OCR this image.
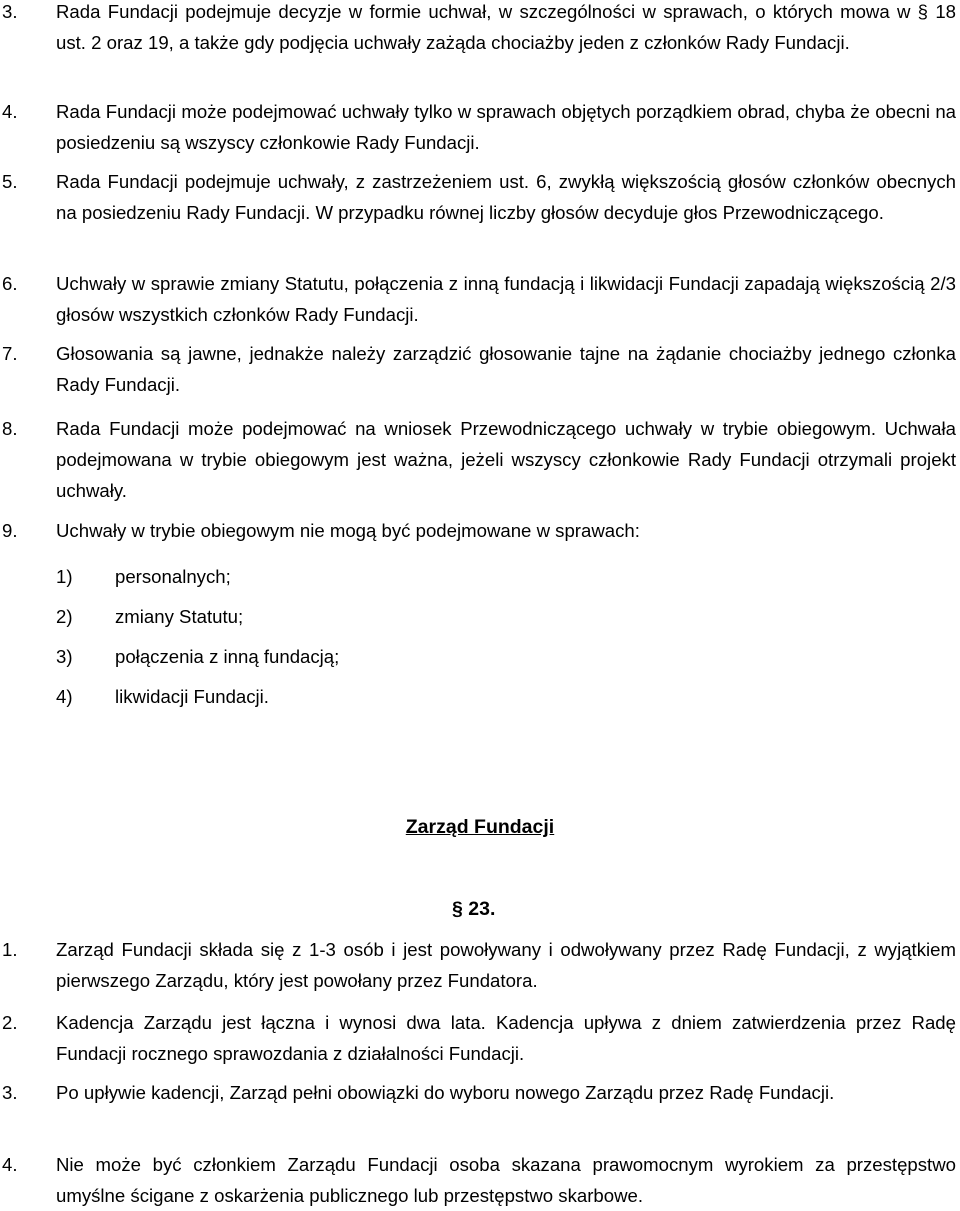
3. Rada Fundacji podejmuje decyzje w formie uchwał, w szczególności w sprawach, o których mowa w § 18 ust. 2 oraz 19, a także gdy podjęcia uchwały zażąda chociażby jeden z członków Rady Fundacji.
4. Rada Fundacji może podejmować uchwały tylko w sprawach objętych porządkiem obrad, chyba że obecni na posiedzeniu są wszyscy członkowie Rady Fundacji.
5. Rada Fundacji podejmuje uchwały, z zastrzeżeniem ust. 6, zwykłą większością głosów członków obecnych na posiedzeniu Rady Fundacji. W przypadku równej liczby głosów decyduje głos Przewodniczącego.
6. Uchwały w sprawie zmiany Statutu, połączenia z inną fundacją i likwidacji Fundacji zapadają większością 2/3 głosów wszystkich członków Rady Fundacji.
7. Głosowania są jawne, jednakże należy zarządzić głosowanie tajne na żądanie chociażby jednego członka Rady Fundacji.
8. Rada Fundacji może podejmować na wniosek Przewodniczącego uchwały w trybie obiegowym. Uchwała podejmowana w trybie obiegowym jest ważna, jeżeli wszyscy członkowie Rady Fundacji otrzymali projekt uchwały.
9. Uchwały w trybie obiegowym nie mogą być podejmowane w sprawach:
1) personalnych;
2) zmiany Statutu;
3) połączenia z inną fundacją;
4) likwidacji Fundacji.
Zarząd Fundacji
§ 23.
1. Zarząd Fundacji składa się z 1-3 osób i jest powoływany i odwoływany przez Radę Fundacji, z wyjątkiem pierwszego Zarządu, który jest powołany przez Fundatora.
2. Kadencja Zarządu jest łączna i wynosi dwa lata. Kadencja upływa z dniem zatwierdzenia przez Radę Fundacji rocznego sprawozdania z działalności Fundacji.
3. Po upływie kadencji, Zarząd pełni obowiązki do wyboru nowego Zarządu przez Radę Fundacji.
4. Nie może być członkiem Zarządu Fundacji osoba skazana prawomocnym wyrokiem za przestępstwo umyślne ścigane z oskarżenia publicznego lub przestępstwo skarbowe.
